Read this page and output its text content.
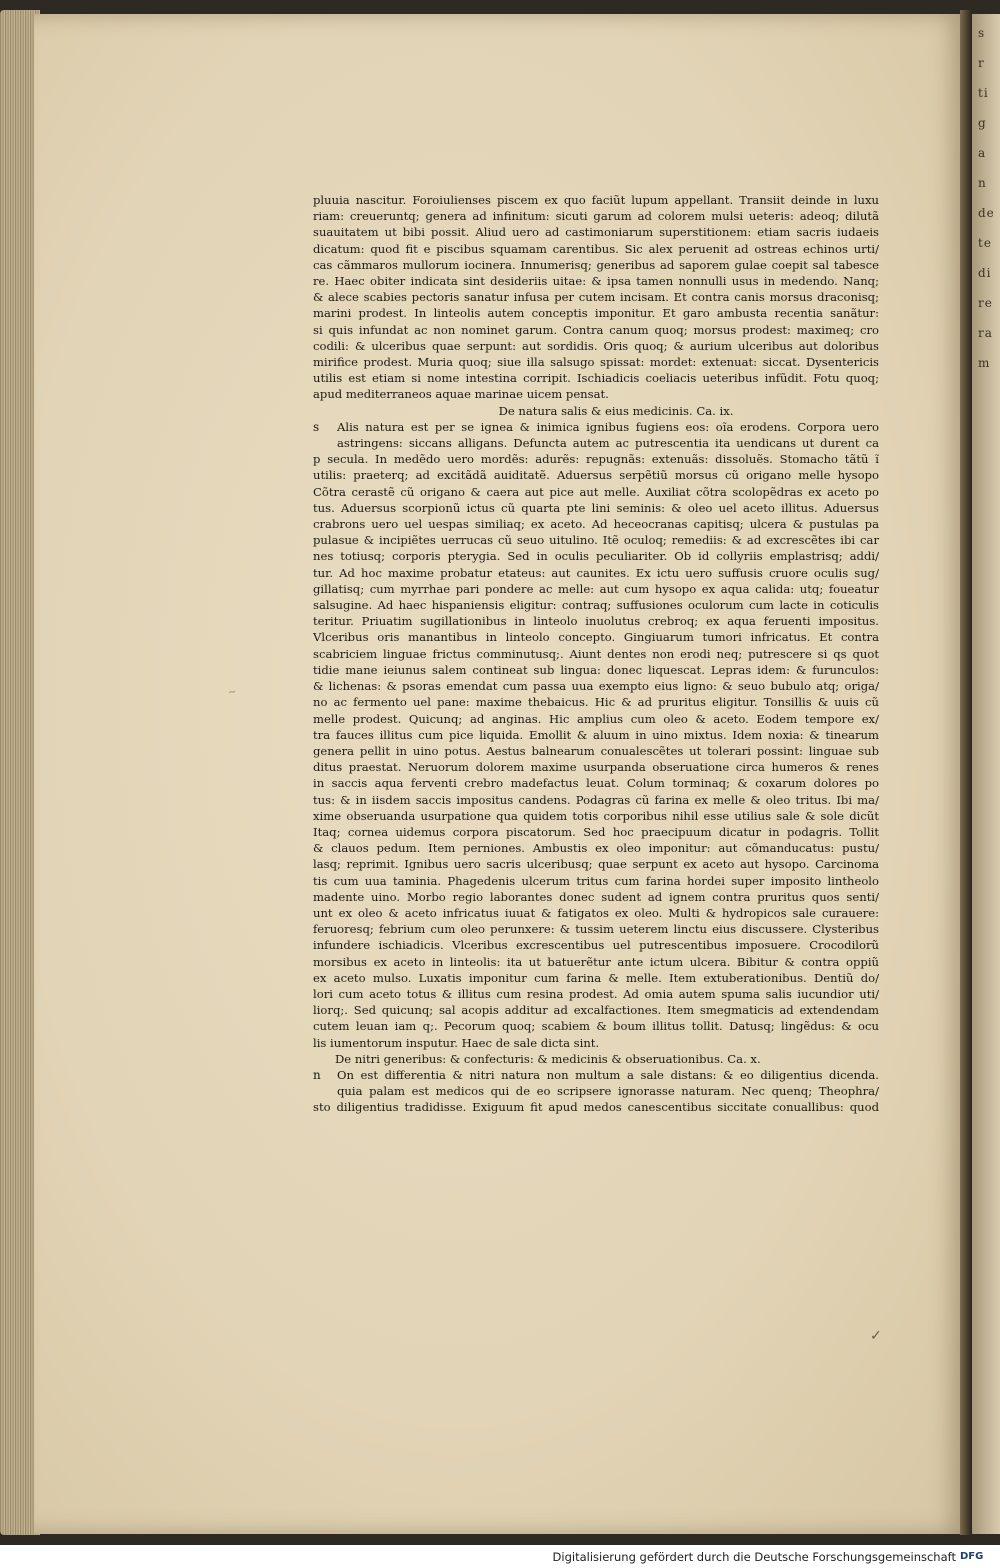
s
r
ti
g
a
n
de
te
di
re
ra
m
~
pluuia nascitur. Foroiulienses piscem ex quo faciũt lupum appellant. Transiit deinde in luxu
riam: creueruntq; genera ad infinitum: sicuti garum ad colorem mulsi ueteris: adeoq; dilutã
suauitatem ut bibi possit. Aliud uero ad castimoniarum superstitionem: etiam sacris iudaeis
dicatum: quod fit e piscibus squamam carentibus. Sic alex peruenit ad ostreas echinos urti/
cas cãmmaros mullorum iocinera. Innumerisq; generibus ad saporem gulae coepit sal tabesce
re. Haec obiter indicata sint desideriis uitae: & ipsa tamen nonnulli usus in medendo. Nanq;
& alece scabies pectoris sanatur infusa per cutem incisam. Et contra canis morsus draconisq;
marini prodest. In linteolis autem conceptis imponitur. Et garo ambusta recentia sanãtur:
si quis infundat ac non nominet garum. Contra canum quoq; morsus prodest: maximeq; cro
codili: & ulceribus quae serpunt: aut sordidis. Oris quoq; & aurium ulceribus aut doloribus
mirifice prodest. Muria quoq; siue illa salsugo spissat: mordet: extenuat: siccat. Dysentericis
utilis est etiam si nome intestina corripit. Ischiadicis coeliacis ueteribus infũdit. Fotu quoq;
apud mediterraneos aquae marinae uicem pensat.
De natura salis & eius medicinis. Ca. ix.
s Alis natura est per se ignea & inimica ignibus fugiens eos: oĩa erodens. Corpora uero
astringens: siccans alligans. Defuncta autem ac putrescentia ita uendicans ut durent ca
p secula. In medẽdo uero mordẽs: adurẽs: repugnãs: extenuãs: dissoluẽs. Stomacho tãtũ ĩ
utilis: praeterq; ad excitãdã auiditatẽ. Aduersus serpẽtiũ morsus cũ origano melle hysopo
Cõtra cerastẽ cũ origano & caera aut pice aut melle. Auxiliat cõtra scolopẽdras ex aceto po
tus. Aduersus scorpionũ ictus cũ quarta pte lini seminis: & oleo uel aceto illitus. Aduersus
crabrons uero uel uespas similiaq; ex aceto. Ad heceocranas capitisq; ulcera & pustulas pa
pulasue & incipiẽtes uerrucas cũ seuo uitulino. Itẽ oculoq; remediis: & ad excrescẽtes ibi car
nes totiusq; corporis pterygia. Sed in oculis peculiariter. Ob id collyriis emplastrisq; addi/
tur. Ad hoc maxime probatur etateus: aut caunites. Ex ictu uero suffusis cruore oculis sug/
gillatisq; cum myrrhae pari pondere ac melle: aut cum hysopo ex aqua calida: utq; foueatur
salsugine. Ad haec hispaniensis eligitur: contraq; suffusiones oculorum cum lacte in coticulis
teritur. Priuatim sugillationibus in linteolo inuolutus crebroq; ex aqua feruenti impositus.
Vlceribus oris manantibus in linteolo concepto. Gingiuarum tumori infricatus. Et contra
scabriciem linguae frictus comminutusq;. Aiunt dentes non erodi neq; putrescere si qs quot
tidie mane ieiunus salem contineat sub lingua: donec liquescat. Lepras idem: & furunculos:
& lichenas: & psoras emendat cum passa uua exempto eius ligno: & seuo bubulo atq; origa/
no ac fermento uel pane: maxime thebaicus. Hic & ad pruritus eligitur. Tonsillis & uuis cũ
melle prodest. Quicunq; ad anginas. Hic amplius cum oleo & aceto. Eodem tempore ex/
tra fauces illitus cum pice liquida. Emollit & aluum in uino mixtus. Idem noxia: & tinearum
genera pellit in uino potus. Aestus balnearum conualescẽtes ut tolerari possint: linguae sub
ditus praestat. Neruorum dolorem maxime usurpanda obseruatione circa humeros & renes
in saccis aqua ferventi crebro madefactus leuat. Colum torminaq; & coxarum dolores po
tus: & in iisdem saccis impositus candens. Podagras cũ farina ex melle & oleo tritus. Ibi ma/
xime obseruanda usurpatione qua quidem totis corporibus nihil esse utilius sale & sole dicũt
Itaq; cornea uidemus corpora piscatorum. Sed hoc praecipuum dicatur in podagris. Tollit
& clauos pedum. Item perniones. Ambustis ex oleo imponitur: aut cõmanducatus: pustu/
lasq; reprimit. Ignibus uero sacris ulceribusq; quae serpunt ex aceto aut hysopo. Carcinoma
tis cum uua taminia. Phagedenis ulcerum tritus cum farina hordei super imposito lintheolo
madente uino. Morbo regio laborantes donec sudent ad ignem contra pruritus quos senti/
unt ex oleo & aceto infricatus iuuat & fatigatos ex oleo. Multi & hydropicos sale curauere:
feruoresq; febrium cum oleo perunxere: & tussim ueterem linctu eius discussere. Clysteribus
infundere ischiadicis. Vlceribus excrescentibus uel putrescentibus imposuere. Crocodilorũ
morsibus ex aceto in linteolis: ita ut batuerẽtur ante ictum ulcera. Bibitur & contra oppiũ
ex aceto mulso. Luxatis imponitur cum farina & melle. Item extuberationibus. Dentiũ do/
lori cum aceto totus & illitus cum resina prodest. Ad omia autem spuma salis iucundior uti/
liorq;. Sed quicunq; sal acopis additur ad excalfactiones. Item smegmaticis ad extendendam
cutem leuan iam q;. Pecorum quoq; scabiem & boum illitus tollit. Datusq; lingẽdus: & ocu
lis iumentorum insputur. Haec de sale dicta sint.
De nitri generibus: & confecturis: & medicinis & obseruationibus. Ca. x.
n On est differentia & nitri natura non multum a sale distans: & eo diligentius dicenda.
quia palam est medicos qui de eo scripsere ignorasse naturam. Nec quenq; Theophra/
sto diligentius tradidisse. Exiguum fit apud medos canescentibus siccitate conuallibus: quod
✓
Digitalisierung gefördert durch die Deutsche Forschungsgemeinschaft DFG
